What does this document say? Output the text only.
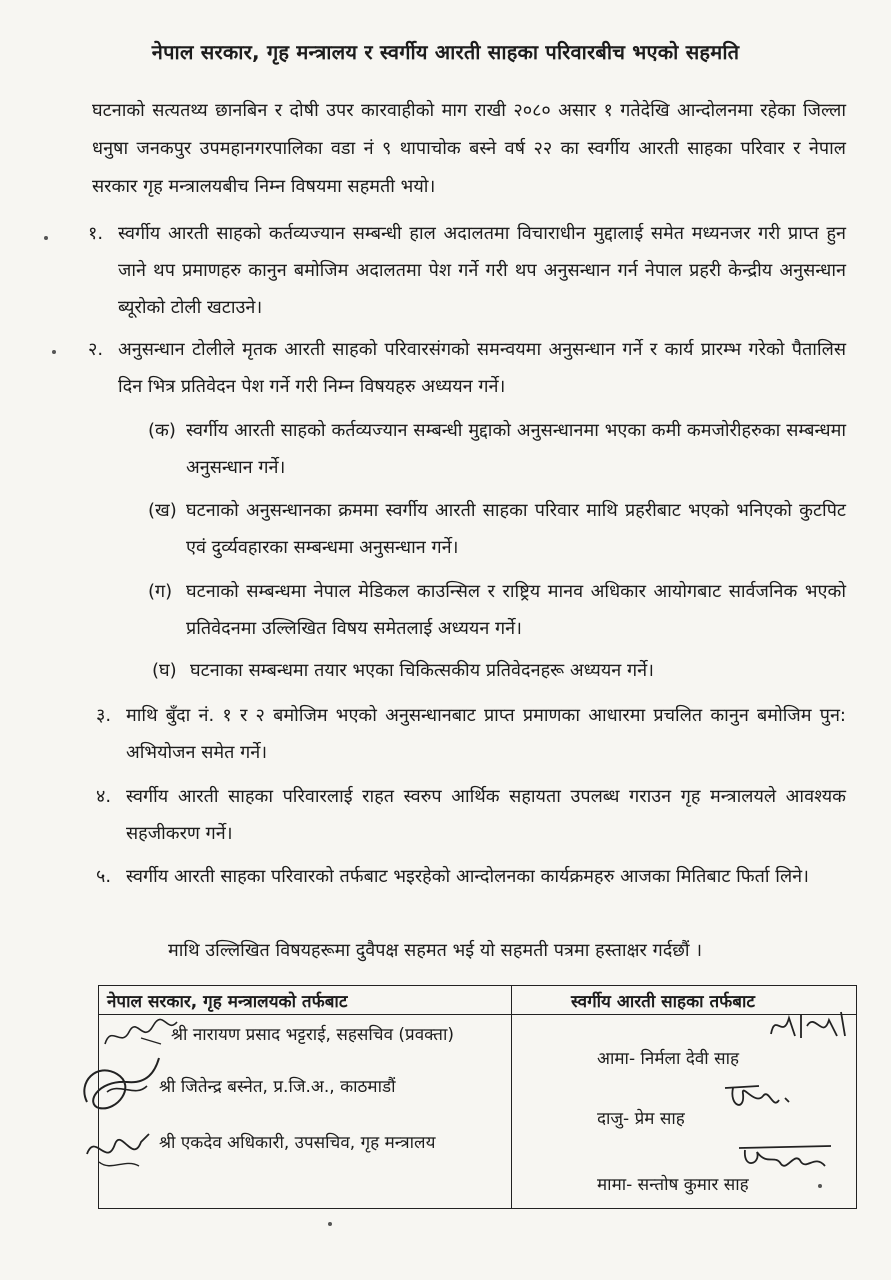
नेपाल सरकार, गृह मन्त्रालय र स्वर्गीय आरती साहका परिवारबीच भएको सहमति
घटनाको सत्यतथ्य छानबिन र दोषी उपर कारवाहीको माग राखी २०८० असार १ गतेदेखि आन्दोलनमा रहेका जिल्ला धनुषा जनकपुर उपमहानगरपालिका वडा नं ९ थापाचोक बस्ने वर्ष २२ का स्वर्गीय आरती साहका परिवार र नेपाल सरकार गृह मन्त्रालयबीच निम्न विषयमा सहमती भयो।
१. स्वर्गीय आरती साहको कर्तव्यज्यान सम्बन्धी हाल अदालतमा विचाराधीन मुद्दालाई समेत मध्यनजर गरी प्राप्त हुन जाने थप प्रमाणहरु कानुन बमोजिम अदालतमा पेश गर्ने गरी थप अनुसन्धान गर्न नेपाल प्रहरी केन्द्रीय अनुसन्धान ब्यूरोको टोली खटाउने।
२. अनुसन्धान टोलीले मृतक आरती साहको परिवारसंगको समन्वयमा अनुसन्धान गर्ने र कार्य प्रारम्भ गरेको पैतालिस दिन भित्र प्रतिवेदन पेश गर्ने गरी निम्न विषयहरु अध्ययन गर्ने।
(क) स्वर्गीय आरती साहको कर्तव्यज्यान सम्बन्धी मुद्दाको अनुसन्धानमा भएका कमी कमजोरीहरुका सम्बन्धमा अनुसन्धान गर्ने।
(ख) घटनाको अनुसन्धानका क्रममा स्वर्गीय आरती साहका परिवार माथि प्रहरीबाट भएको भनिएको कुटपिट एवं दुर्व्यवहारका सम्बन्धमा अनुसन्धान गर्ने।
(ग) घटनाको सम्बन्धमा नेपाल मेडिकल काउन्सिल र राष्ट्रिय मानव अधिकार आयोगबाट सार्वजनिक भएको प्रतिवेदनमा उल्लिखित विषय समेतलाई अध्ययन गर्ने।
(घ) घटनाका सम्बन्धमा तयार भएका चिकित्सकीय प्रतिवेदनहरू अध्ययन गर्ने।
३. माथि बुँदा नं. १ र २ बमोजिम भएको अनुसन्धानबाट प्राप्त प्रमाणका आधारमा प्रचलित कानुन बमोजिम पुन: अभियोजन समेत गर्ने।
४. स्वर्गीय आरती साहका परिवारलाई राहत स्वरुप आर्थिक सहायता उपलब्ध गराउन गृह मन्त्रालयले आवश्यक सहजीकरण गर्ने।
५. स्वर्गीय आरती साहका परिवारको तर्फबाट भइरहेको आन्दोलनका कार्यक्रमहरु आजका मितिबाट फिर्ता लिने।
माथि उल्लिखित विषयहरूमा दुवैपक्ष सहमत भई यो सहमती पत्रमा हस्ताक्षर गर्दछौं ।
नेपाल सरकार, गृह मन्त्रालयको तर्फबाट	स्वर्गीय आरती साहका तर्फबाट
श्री नारायण प्रसाद भट्टराई, सहसचिव (प्रवक्ता)
श्री जितेन्द्र बस्नेत, प्र.जि.अ., काठमाडौं
श्री एकदेव अधिकारी, उपसचिव, गृह मन्त्रालय
आमा- निर्मला देवी साह
दाजु- प्रेम साह
मामा- सन्तोष कुमार साह
